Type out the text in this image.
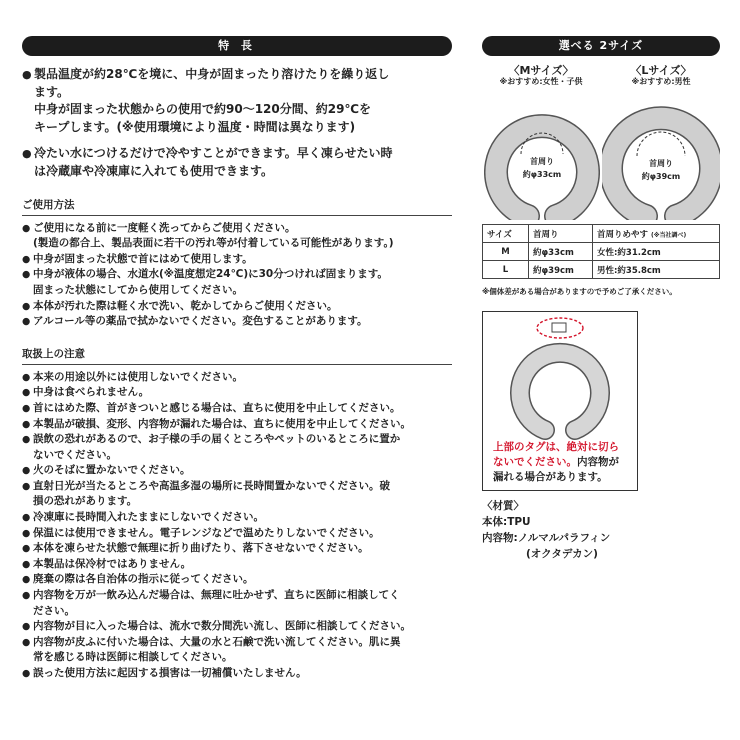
特 長
● 製品温度が約28℃を境に、中身が固まったり溶けたりを繰り返し
ます。
中身が固まった状態からの使用で約90～120分間、約29℃を
キープします。(※使用環境により温度・時間は異なります)
● 冷たい水につけるだけで冷やすことができます。早く凍らせたい時
は冷蔵庫や冷凍庫に入れても使用できます。
ご使用方法
● ご使用になる前に一度軽く洗ってからご使用ください。
(製造の都合上、製品表面に若干の汚れ等が付着している可能性があります。)
● 中身が固まった状態で首にはめて使用します。
● 中身が液体の場合、水道水(※温度想定24℃)に30分つければ固まります。
固まった状態にしてから使用してください。
● 本体が汚れた際は軽く水で洗い、乾かしてからご使用ください。
● アルコール等の薬品で拭かないでください。変色することがあります。
取扱上の注意
● 本来の用途以外には使用しないでください。
● 中身は食べられません。
● 首にはめた際、首がきついと感じる場合は、直ちに使用を中止してください。
● 本製品が破損、変形、内容物が漏れた場合は、直ちに使用を中止してください。
● 誤飲の恐れがあるので、お子様の手の届くところやペットのいるところに置か
ないでください。
● 火のそばに置かないでください。
● 直射日光が当たるところや高温多湿の場所に長時間置かないでください。破
損の恐れがあります。
● 冷凍庫に長時間入れたままにしないでください。
● 保温には使用できません。電子レンジなどで温めたりしないでください。
● 本体を凍らせた状態で無理に折り曲げたり、落下させないでください。
● 本製品は保冷材ではありません。
● 廃棄の際は各自治体の指示に従ってください。
● 内容物を万が一飲み込んだ場合は、無理に吐かせず、直ちに医師に相談してく
ださい。
● 内容物が目に入った場合は、流水で数分間洗い流し、医師に相談してください。
● 内容物が皮ふに付いた場合は、大量の水と石鹸で洗い流してください。肌に異
常を感じる時は医師に相談してください。
● 誤った使用方法に起因する損害は一切補償いたしません。
選べる 2サイズ
〈Mサイズ〉
※おすすめ:女性・子供
〈Lサイズ〉
※おすすめ:男性
首周り
約φ33cm
首周り
約φ39cm
サイズ	首周り	首周りめやす (※当社調べ)
M	約φ33cm	女性:約31.2cm
L	約φ39cm	男性:約35.8cm
※個体差がある場合がありますので予めご了承ください。
上部のタグは、絶対に切ら
ないでください。内容物が
漏れる場合があります。
〈材質〉
本体:TPU
内容物:ノルマルパラフィン
(オクタデカン)
